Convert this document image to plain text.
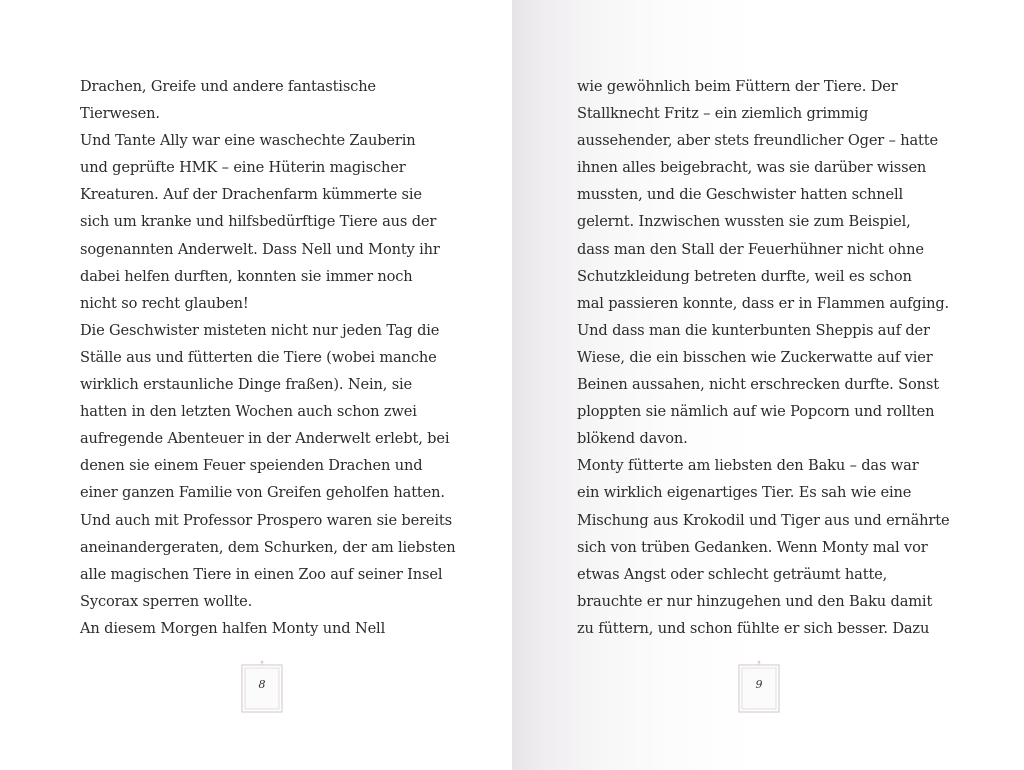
Drachen, Greife und andere fantastische
Tierwesen.
Und Tante Ally war eine waschechte Zauberin
und geprüfte HMK – eine Hüterin magischer
Kreaturen. Auf der Drachenfarm kümmerte sie
sich um kranke und hilfsbedürftige Tiere aus der
sogenannten Anderwelt. Dass Nell und Monty ihr
dabei helfen durften, konnten sie immer noch
nicht so recht glauben!
Die Geschwister misteten nicht nur jeden Tag die
Ställe aus und fütterten die Tiere (wobei manche
wirklich erstaunliche Dinge fraßen). Nein, sie
hatten in den letzten Wochen auch schon zwei
aufregende Abenteuer in der Anderwelt erlebt, bei
denen sie einem Feuer speienden Drachen und
einer ganzen Familie von Greifen geholfen hatten.
Und auch mit Professor Prospero waren sie bereits
aneinandergeraten, dem Schurken, der am liebsten
alle magischen Tiere in einen Zoo auf seiner Insel
Sycorax sperren wollte.
An diesem Morgen halfen Monty und Nell
8
wie gewöhnlich beim Füttern der Tiere. Der
Stallknecht Fritz – ein ziemlich grimmig
aussehender, aber stets freundlicher Oger – hatte
ihnen alles beigebracht, was sie darüber wissen
mussten, und die Geschwister hatten schnell
gelernt. Inzwischen wussten sie zum Beispiel,
dass man den Stall der Feuerhühner nicht ohne
Schutzkleidung betreten durfte, weil es schon
mal passieren konnte, dass er in Flammen aufging.
Und dass man die kunterbunten Sheppis auf der
Wiese, die ein bisschen wie Zuckerwatte auf vier
Beinen aussahen, nicht erschrecken durfte. Sonst
ploppten sie nämlich auf wie Popcorn und rollten
blökend davon.
Monty fütterte am liebsten den Baku – das war
ein wirklich eigenartiges Tier. Es sah wie eine
Mischung aus Krokodil und Tiger aus und ernährte
sich von trüben Gedanken. Wenn Monty mal vor
etwas Angst oder schlecht geträumt hatte,
brauchte er nur hinzugehen und den Baku damit
zu füttern, und schon fühlte er sich besser. Dazu
9
